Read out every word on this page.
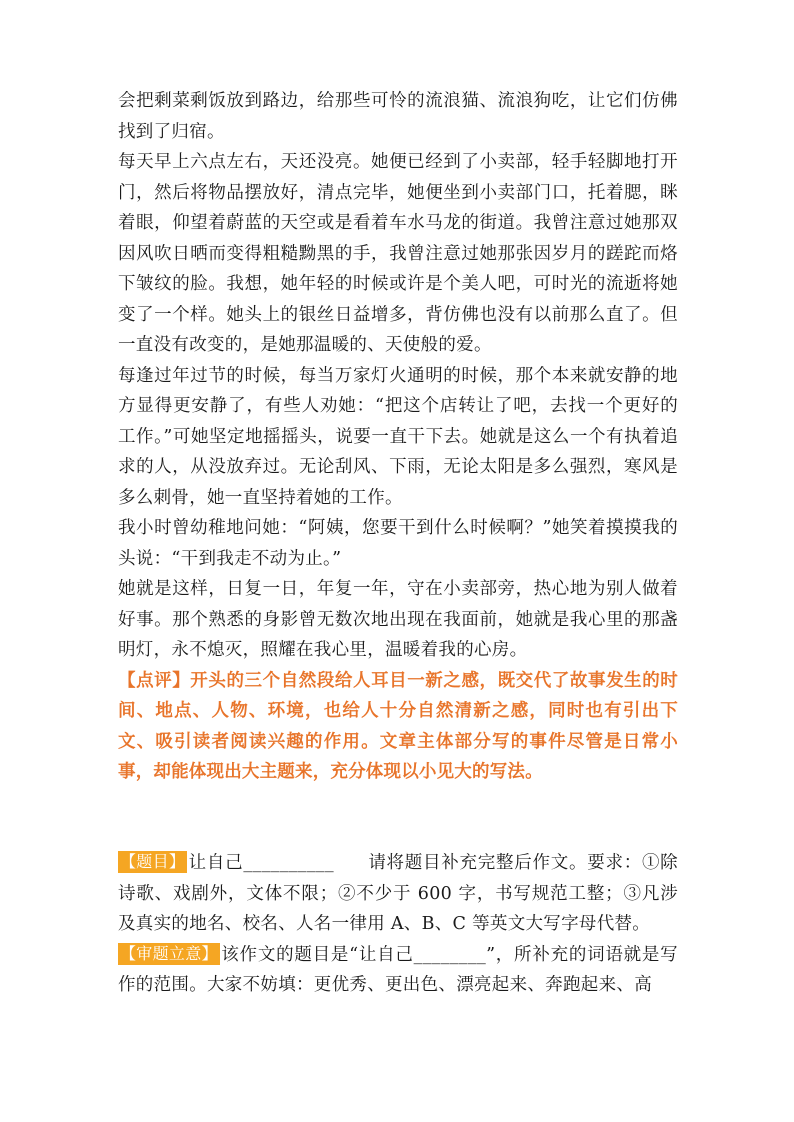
会把剩菜剩饭放到路边，给那些可怜的流浪猫、流浪狗吃，让它们仿佛找到了归宿。

每天早上六点左右，天还没亮。她便已经到了小卖部，轻手轻脚地打开门，然后将物品摆放好，清点完毕，她便坐到小卖部门口，托着腮，眯着眼，仰望着蔚蓝的天空或是看着车水马龙的街道。我曾注意过她那双因风吹日晒而变得粗糙黝黑的手，我曾注意过她那张因岁月的蹉跎而烙下皱纹的脸。我想，她年轻的时候或许是个美人吧，可时光的流逝将她变了一个样。她头上的银丝日益增多，背仿佛也没有以前那么直了。但一直没有改变的，是她那温暖的、天使般的爱。

每逢过年过节的时候，每当万家灯火通明的时候，那个本来就安静的地方显得更安静了，有些人劝她：“把这个店转让了吧，去找一个更好的工作。”可她坚定地摇摇头，说要一直干下去。她就是这么一个有执着追求的人，从没放弃过。无论刮风、下雨，无论太阳是多么强烈，寒风是多么刺骨，她一直坚持着她的工作。

我小时曾幼稚地问她：“阿姨，您要干到什么时候啊？”她笑着摸摸我的头说：“干到我走不动为止。”

她就是这样，日复一日，年复一年，守在小卖部旁，热心地为别人做着好事。那个熟悉的身影曾无数次地出现在我面前，她就是我心里的那盏明灯，永不熄灭，照耀在我心里，温暖着我的心房。

【点评】开头的三个自然段给人耳目一新之感，既交代了故事发生的时间、地点、人物、环境，也给人十分自然清新之感，同时也有引出下文、吸引读者阅读兴趣的作用。文章主体部分写的事件尽管是日常小事，却能体现出大主题来，充分体现以小见大的写法。

【题目】 让自己__________ 请将题目补充完整后作文。要求：①除诗歌、戏剧外，文体不限；②不少于 600 字，书写规范工整；③凡涉及真实的地名、校名、人名一律用 A、B、C 等英文大写字母代替。

【审题立意】 该作文的题目是“让自己________”，所补充的词语就是写作的范围。大家不妨填：更优秀、更出色、漂亮起来、奔跑起来、高
